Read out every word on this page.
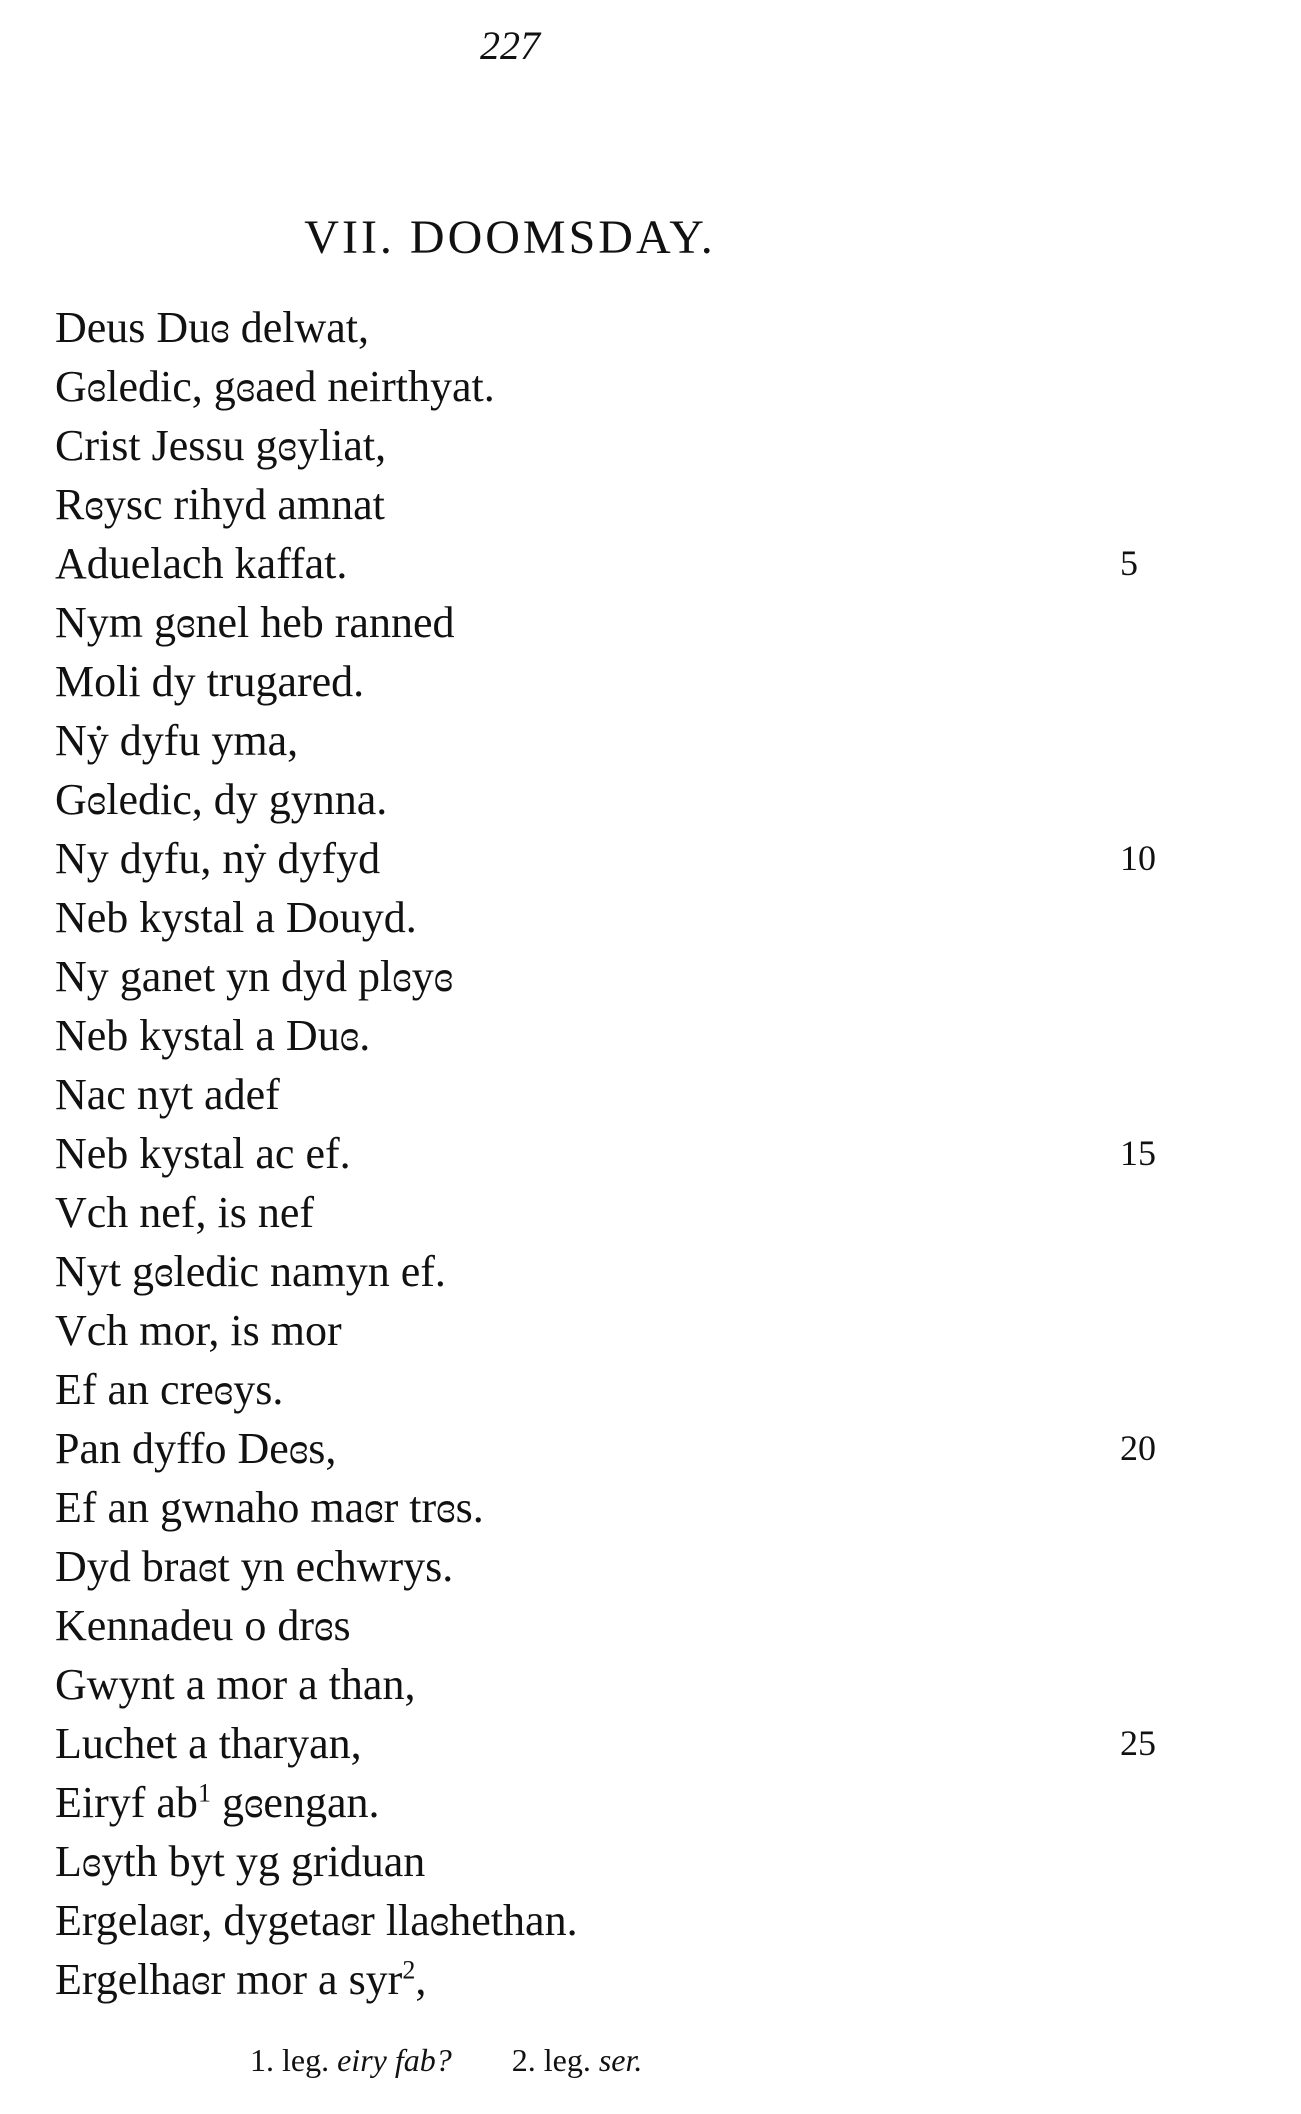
227
VII. DOOMSDAY.
Deus Duɞ delwat,
Gɞledic, gɞaed neirthyat.
Crist Jessu gɞyliat,
Rɞysc rihyd amnat
Aduelach kaffat.	5
Nym gɞnel heb ranned
Moli dy trugared.
Nẏ dyfu yma,
Gɞledic, dy gynna.
Ny dyfu, nẏ dyfyd	10
Neb kystal a Douyd.
Ny ganet yn dyd plɞyɞ
Neb kystal a Duɞ.
Nac nyt adef
Neb kystal ac ef.	15
Vch nef, is nef
Nyt gɞledic namyn ef.
Vch mor, is mor
Ef an creɞys.
Pan dyffo Deɞs,	20
Ef an gwnaho maɞr trɞs.
Dyd braɞt yn echwrys.
Kennadeu o drɞs
Gwynt a mor a than,
Luchet a tharyan,	25
Eiryf $ab^1$ gɞengan.
Lɞyth byt yg griduan
Ergelaɞr, dygetaɞr llaɞhethan.
Ergelhaɞr mor a syr$^2$,
1. leg. eiry fab? 2. leg. ser.
